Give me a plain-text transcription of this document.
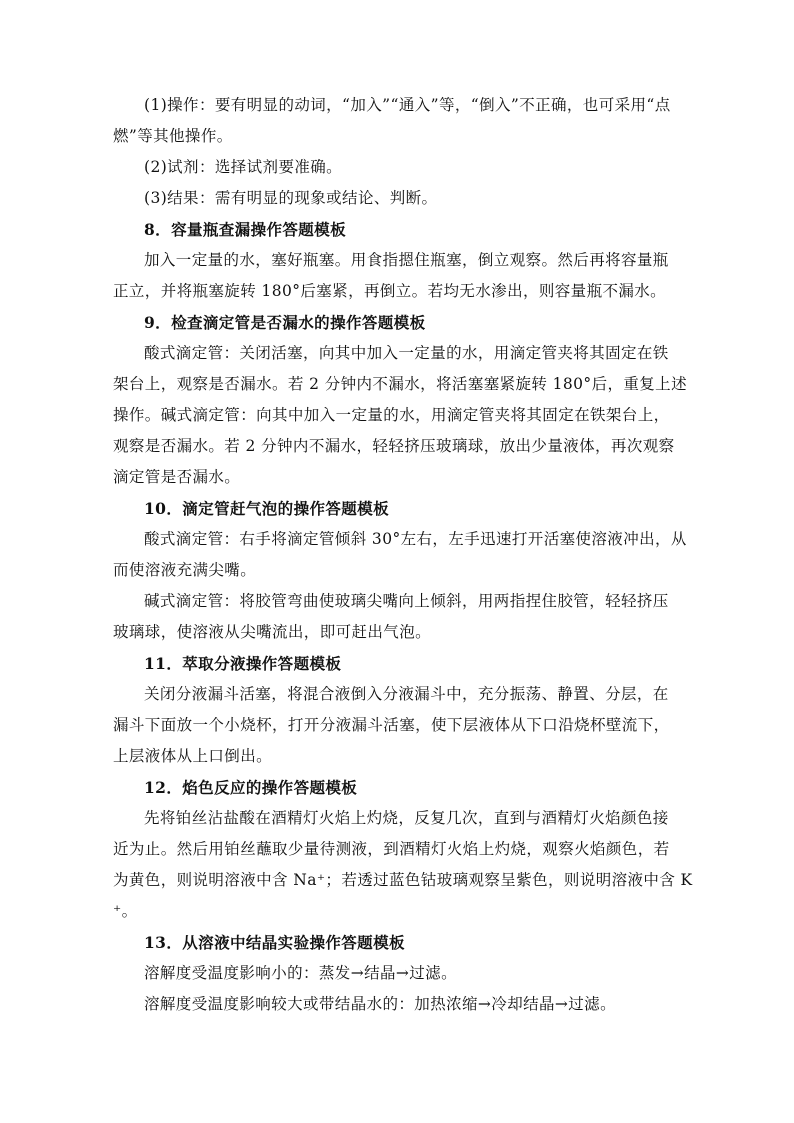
(1)操作：要有明显的动词，“加入”“通入”等，“倒入”不正确，也可采用“点

燃”等其他操作。

(2)试剂：选择试剂要准确。

(3)结果：需有明显的现象或结论、判断。

8．容量瓶查漏操作答题模板

加入一定量的水，塞好瓶塞。用食指摁住瓶塞，倒立观察。然后再将容量瓶

正立，并将瓶塞旋转 180°后塞紧，再倒立。若均无水渗出，则容量瓶不漏水。

9．检查滴定管是否漏水的操作答题模板

酸式滴定管：关闭活塞，向其中加入一定量的水，用滴定管夹将其固定在铁

架台上，观察是否漏水。若 2 分钟内不漏水，将活塞塞紧旋转 180°后，重复上述

操作。碱式滴定管：向其中加入一定量的水，用滴定管夹将其固定在铁架台上，

观察是否漏水。若 2 分钟内不漏水，轻轻挤压玻璃球，放出少量液体，再次观察

滴定管是否漏水。

10．滴定管赶气泡的操作答题模板

酸式滴定管：右手将滴定管倾斜 30°左右，左手迅速打开活塞使溶液冲出，从

而使溶液充满尖嘴。

碱式滴定管：将胶管弯曲使玻璃尖嘴向上倾斜，用两指捏住胶管，轻轻挤压

玻璃球，使溶液从尖嘴流出，即可赶出气泡。

11．萃取分液操作答题模板

关闭分液漏斗活塞，将混合液倒入分液漏斗中，充分振荡、静置、分层，在

漏斗下面放一个小烧杯，打开分液漏斗活塞，使下层液体从下口沿烧杯壁流下，

上层液体从上口倒出。

12．焰色反应的操作答题模板

先将铂丝沾盐酸在酒精灯火焰上灼烧，反复几次，直到与酒精灯火焰颜色接

近为止。然后用铂丝蘸取少量待测液，到酒精灯火焰上灼烧，观察火焰颜色，若

为黄色，则说明溶液中含 Na⁺；若透过蓝色钴玻璃观察呈紫色，则说明溶液中含 K

⁺。

13．从溶液中结晶实验操作答题模板

溶解度受温度影响小的：蒸发→结晶→过滤。

溶解度受温度影响较大或带结晶水的：加热浓缩→冷却结晶→过滤。
